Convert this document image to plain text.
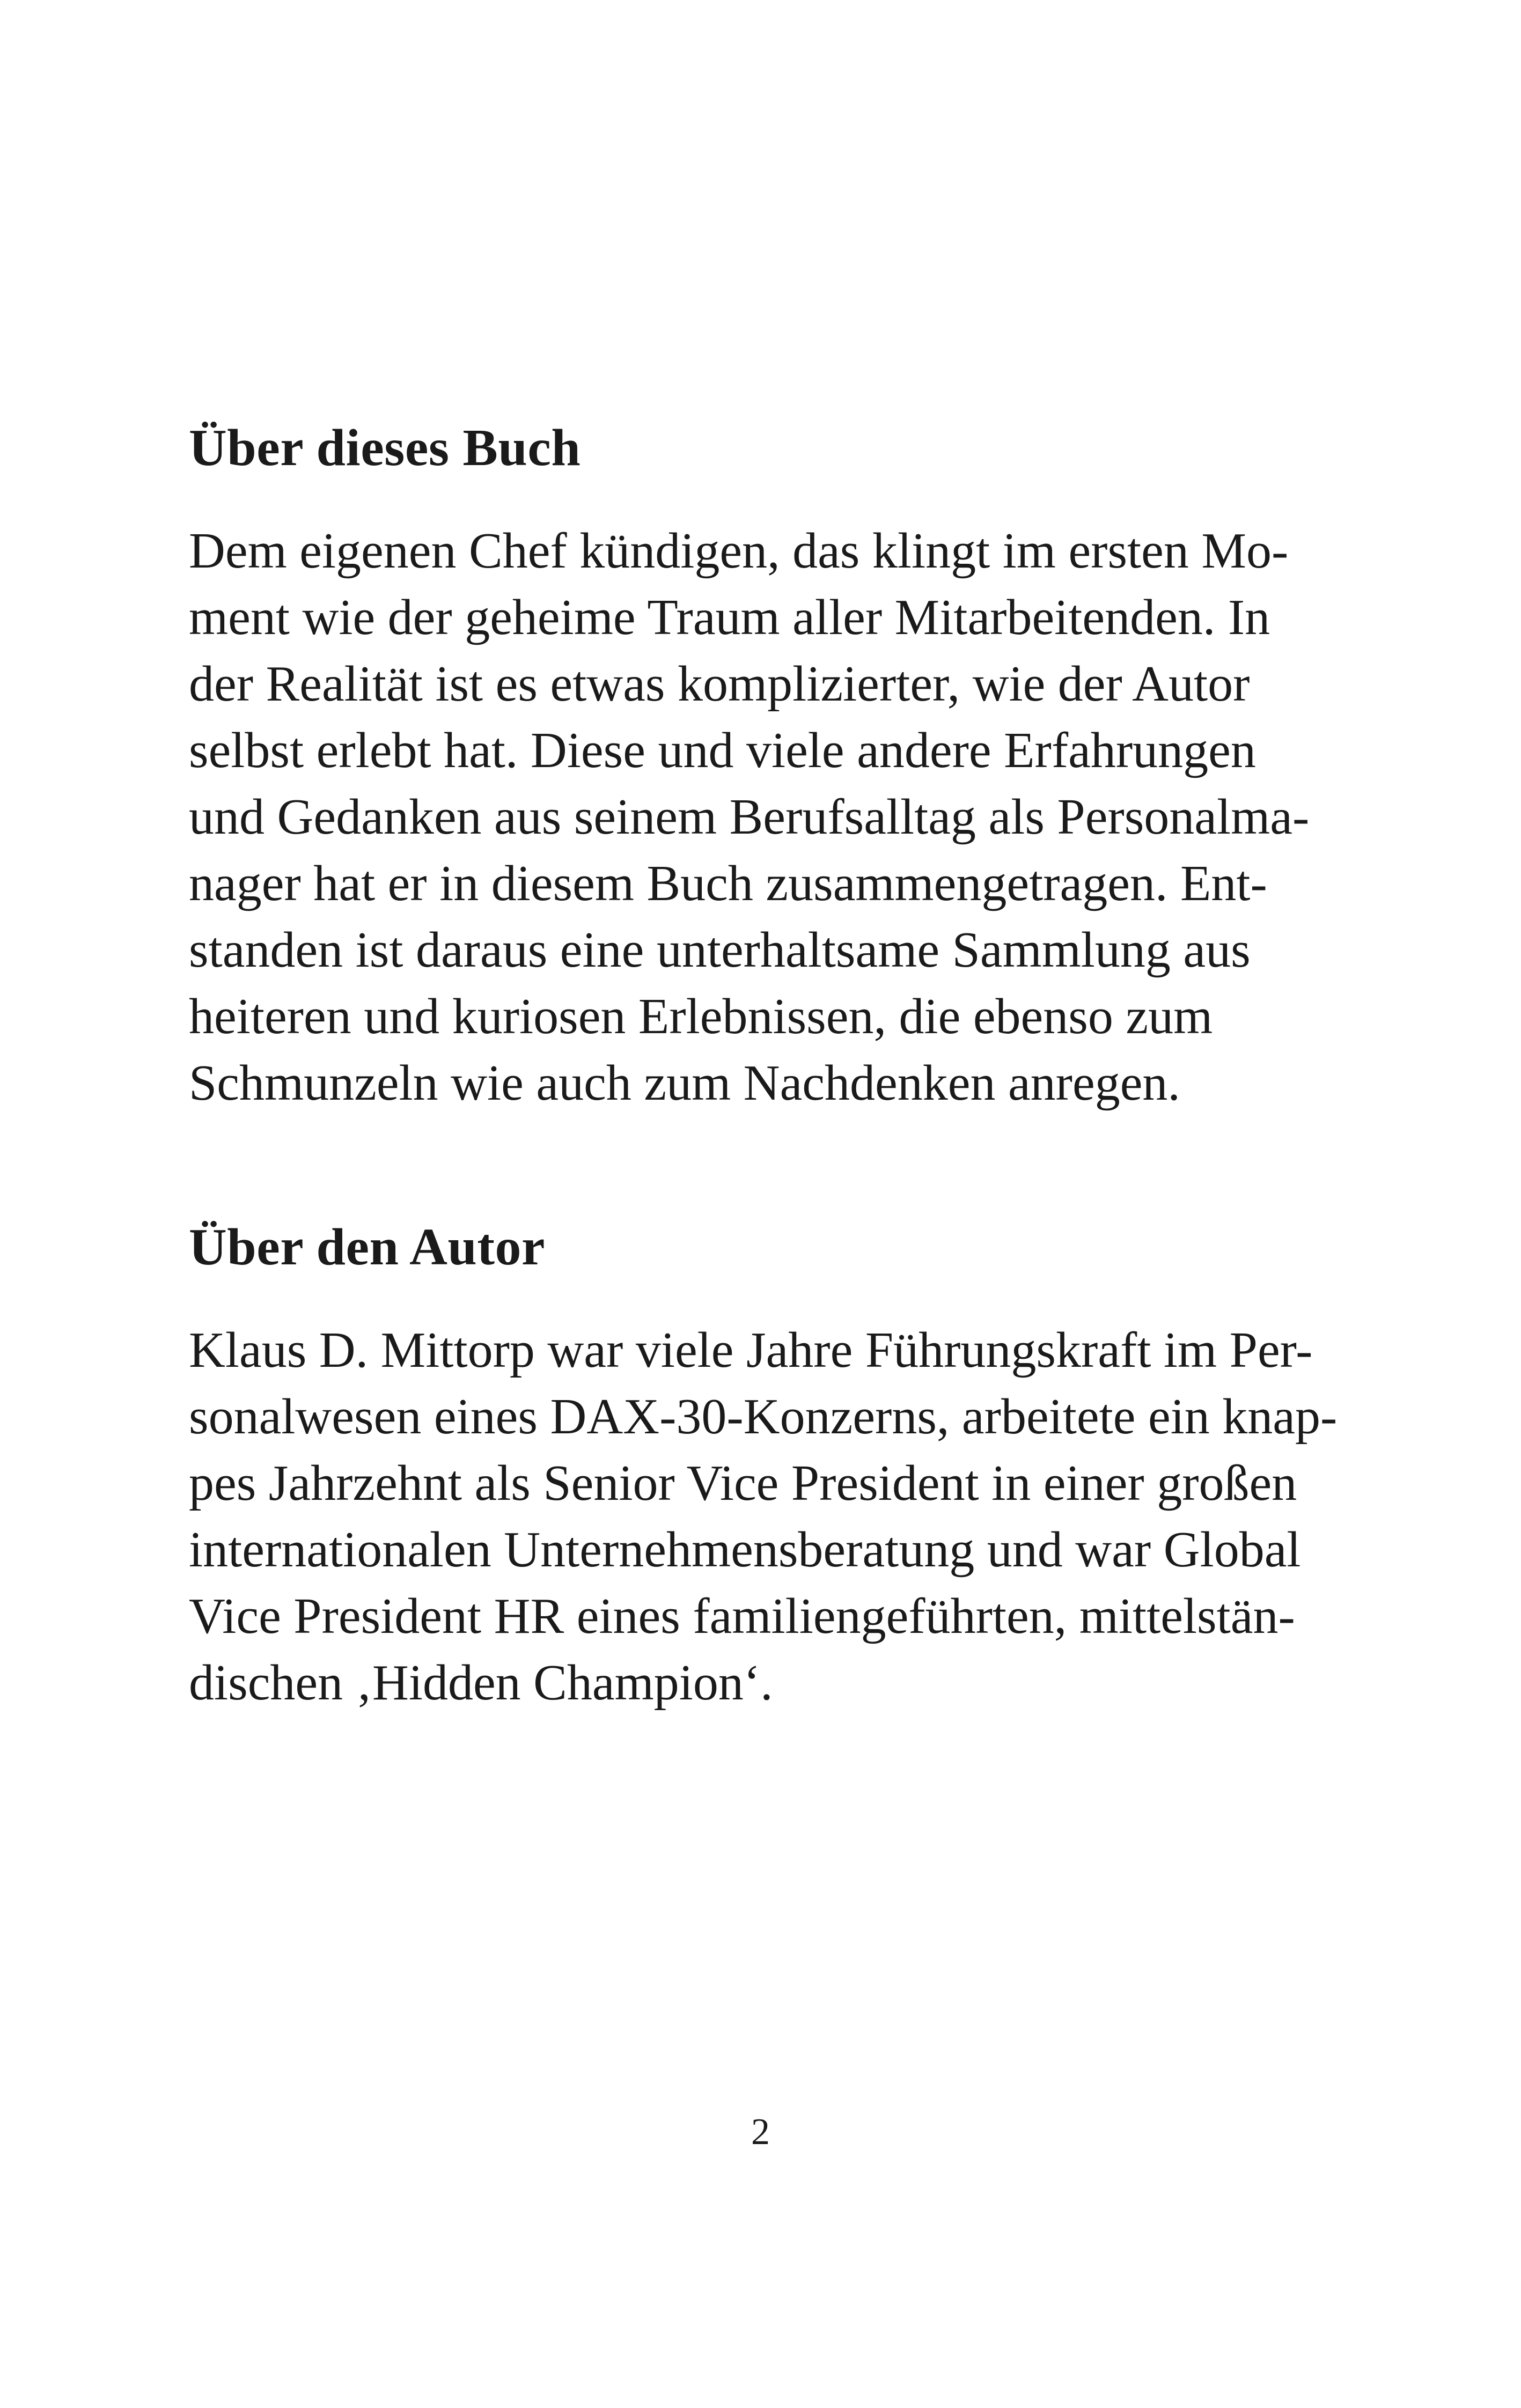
Über dieses Buch
Dem eigenen Chef kündigen, das klingt im ersten Mo-
ment wie der geheime Traum aller Mitarbeitenden. In
der Realität ist es etwas komplizierter, wie der Autor
selbst erlebt hat. Diese und viele andere Erfahrungen
und Gedanken aus seinem Berufsalltag als Personalma-
nager hat er in diesem Buch zusammengetragen. Ent-
standen ist daraus eine unterhaltsame Sammlung aus
heiteren und kuriosen Erlebnissen, die ebenso zum
Schmunzeln wie auch zum Nachdenken anregen.
Über den Autor
Klaus D. Mittorp war viele Jahre Führungskraft im Per-
sonalwesen eines DAX-30-Konzerns, arbeitete ein knap-
pes Jahrzehnt als Senior Vice President in einer großen
internationalen Unternehmensberatung und war Global
Vice President HR eines familiengeführten, mittelstän-
dischen ‚Hidden Champion‘.
2
